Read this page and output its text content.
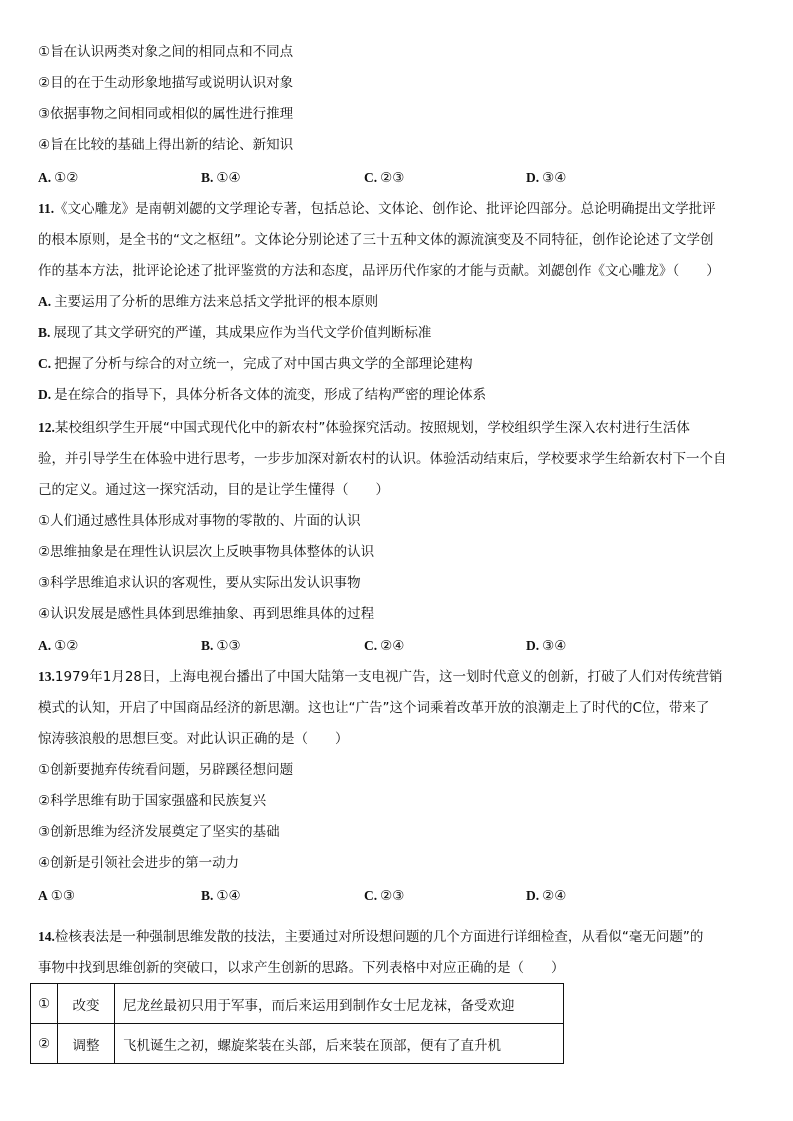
①旨在认识两类对象之间的相同点和不同点
②目的在于生动形象地描写或说明认识对象
③依据事物之间相同或相似的属性进行推理
④旨在比较的基础上得出新的结论、新知识
A. ①②	B. ①④	C. ②③	D. ③④
11.《文心雕龙》是南朝刘勰的文学理论专著，包括总论、文体论、创作论、批评论四部分。总论明确提出文学批评
的根本原则，是全书的“文之枢纽”。文体论分别论述了三十五种文体的源流演变及不同特征，创作论论述了文学创
作的基本方法，批评论论述了批评鉴赏的方法和态度，品评历代作家的才能与贡献。刘勰创作《文心雕龙》（　　）
A. 主要运用了分析的思维方法来总括文学批评的根本原则
B. 展现了其文学研究的严谨，其成果应作为当代文学价值判断标准
C. 把握了分析与综合的对立统一，完成了对中国古典文学的全部理论建构
D. 是在综合的指导下，具体分析各文体的流变，形成了结构严密的理论体系
12.某校组织学生开展“中国式现代化中的新农村”体验探究活动。按照规划，学校组织学生深入农村进行生活体
验，并引导学生在体验中进行思考，一步步加深对新农村的认识。体验活动结束后，学校要求学生给新农村下一个自
己的定义。通过这一探究活动，目的是让学生懂得（　　）
①人们通过感性具体形成对事物的零散的、片面的认识
②思维抽象是在理性认识层次上反映事物具体整体的认识
③科学思维追求认识的客观性，要从实际出发认识事物
④认识发展是感性具体到思维抽象、再到思维具体的过程
A. ①②	B. ①③	C. ②④	D. ③④
13.1979年1月28日，上海电视台播出了中国大陆第一支电视广告，这一划时代意义的创新，打破了人们对传统营销
模式的认知，开启了中国商品经济的新思潮。这也让“广告”这个词乘着改革开放的浪潮走上了时代的C位，带来了
惊涛骇浪般的思想巨变。对此认识正确的是（　　）
①创新要抛弃传统看问题，另辟蹊径想问题
②科学思维有助于国家强盛和民族复兴
③创新思维为经济发展奠定了坚实的基础
④创新是引领社会进步的第一动力
A ①③	B. ①④	C. ②③	D. ②④
14.检核表法是一种强制思维发散的技法，主要通过对所设想问题的几个方面进行详细检查，从看似“毫无问题”的
事物中找到思维创新的突破口，以求产生创新的思路。下列表格中对应正确的是（　　）
①	改变	尼龙丝最初只用于军事，而后来运用到制作女士尼龙袜，备受欢迎
②	调整	飞机诞生之初，螺旋桨装在头部，后来装在顶部，便有了直升机
